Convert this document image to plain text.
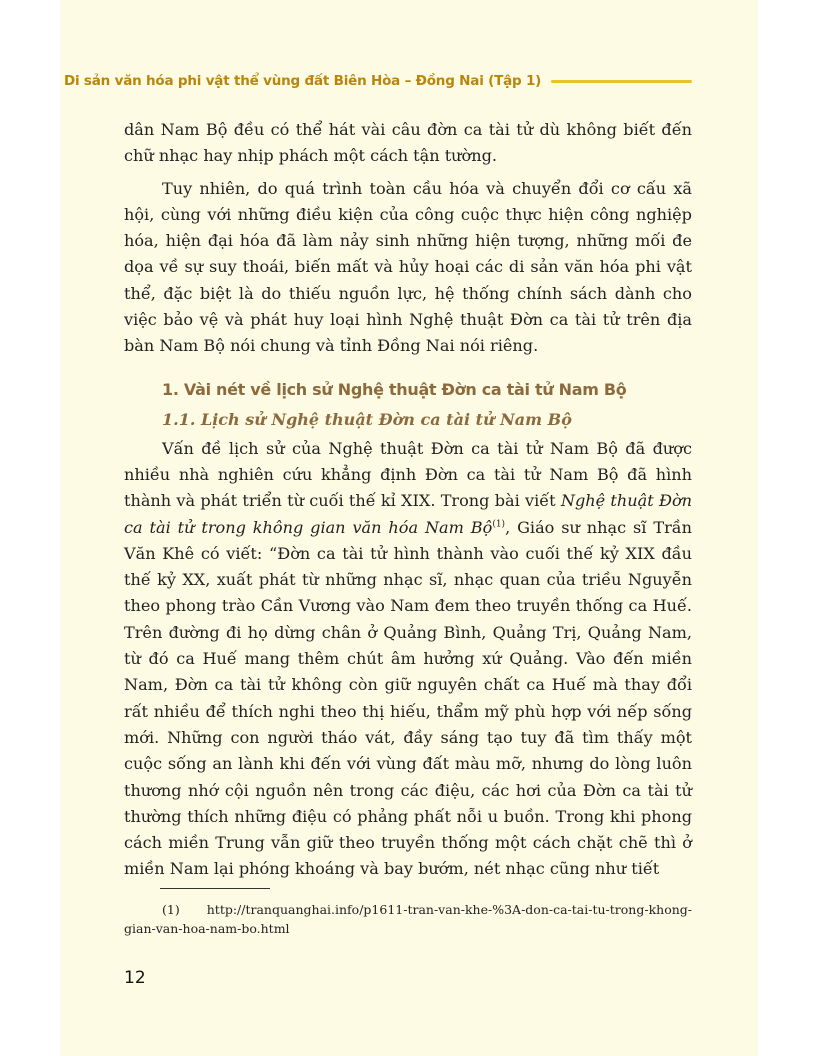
Di sản văn hóa phi vật thể vùng đất Biên Hòa – Đồng Nai (Tập 1)

dân Nam Bộ đều có thể hát vài câu đờn ca tài tử dù không biết đến chữ nhạc hay nhịp phách một cách tận tường.

Tuy nhiên, do quá trình toàn cầu hóa và chuyển đổi cơ cấu xã hội, cùng với những điều kiện của công cuộc thực hiện công nghiệp hóa, hiện đại hóa đã làm nảy sinh những hiện tượng, những mối đe dọa về sự suy thoái, biến mất và hủy hoại các di sản văn hóa phi vật thể, đặc biệt là do thiếu nguồn lực, hệ thống chính sách dành cho việc bảo vệ và phát huy loại hình Nghệ thuật Đờn ca tài tử trên địa bàn Nam Bộ nói chung và tỉnh Đồng Nai nói riêng.

1. Vài nét về lịch sử Nghệ thuật Đờn ca tài tử Nam Bộ
1.1. Lịch sử Nghệ thuật Đờn ca tài tử Nam Bộ

Vấn đề lịch sử của Nghệ thuật Đờn ca tài tử Nam Bộ đã được nhiều nhà nghiên cứu khẳng định Đờn ca tài tử Nam Bộ đã hình thành và phát triển từ cuối thế kỉ XIX. Trong bài viết Nghệ thuật Đờn ca tài tử trong không gian văn hóa Nam Bộ$^{(1)}$, Giáo sư nhạc sĩ Trần Văn Khê có viết: “Đờn ca tài tử hình thành vào cuối thế kỷ XIX đầu thế kỷ XX, xuất phát từ những nhạc sĩ, nhạc quan của triều Nguyễn theo phong trào Cần Vương vào Nam đem theo truyền thống ca Huế. Trên đường đi họ dừng chân ở Quảng Bình, Quảng Trị, Quảng Nam, từ đó ca Huế mang thêm chút âm hưởng xứ Quảng. Vào đến miền Nam, Đờn ca tài tử không còn giữ nguyên chất ca Huế mà thay đổi rất nhiều để thích nghi theo thị hiếu, thẩm mỹ phù hợp với nếp sống mới. Những con người tháo vát, đầy sáng tạo tuy đã tìm thấy một cuộc sống an lành khi đến với vùng đất màu mỡ, nhưng do lòng luôn thương nhớ cội nguồn nên trong các điệu, các hơi của Đờn ca tài tử thường thích những điệu có phảng phất nỗi u buồn. Trong khi phong cách miền Trung vẫn giữ theo truyền thống một cách chặt chẽ thì ở miền Nam lại phóng khoáng và bay bướm, nét nhạc cũng như tiết

(1) http://tranquanghai.info/p1611-tran-van-khe-%3A-don-ca-tai-tu-trong-khong-gian-van-hoa-nam-bo.html
12
